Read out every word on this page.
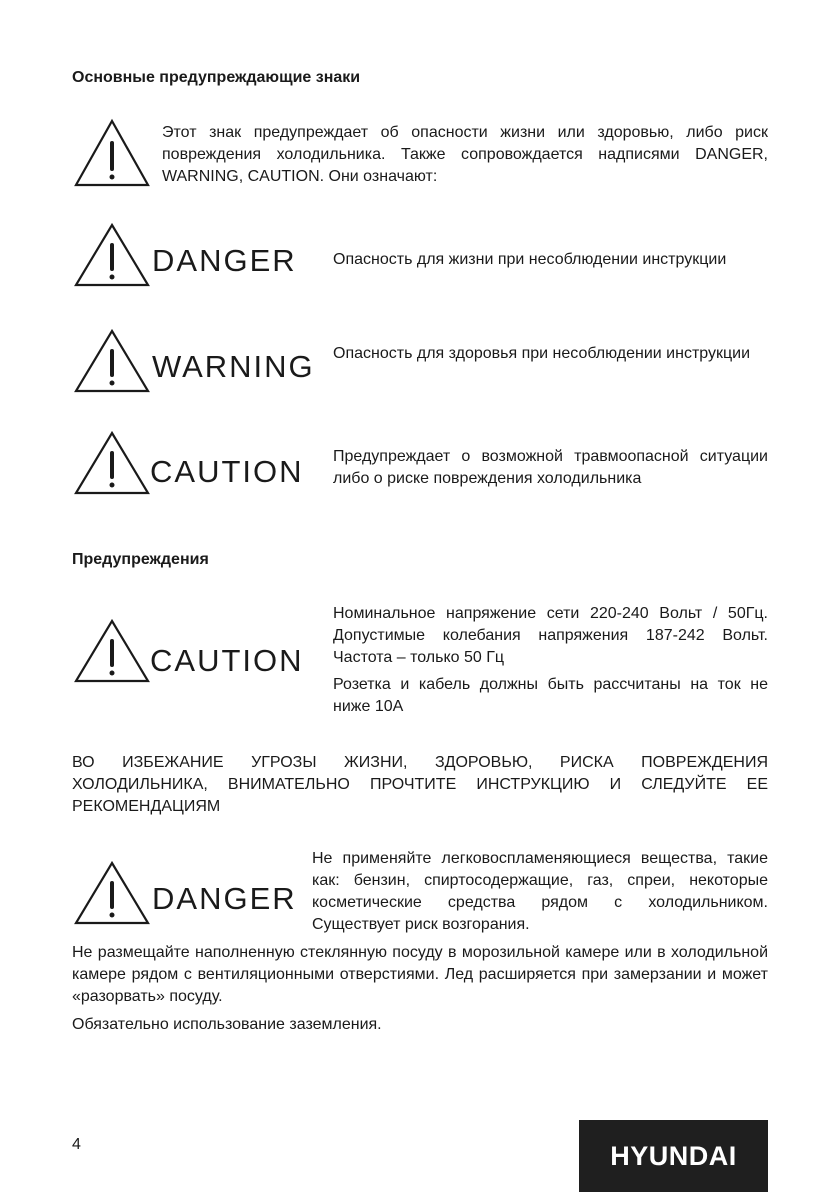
Основные предупреждающие знаки
Этот знак предупреждает об опасности жизни или здоровью, либо риск повреждения холодильника. Также сопровождается надписями DANGER, WARNING, CAUTION. Они означают:
DANGER Опасность для жизни при несоблюдении инструкции
WARNING Опасность для здоровья при несоблюдении инструкции
CAUTION Предупреждает о возможной травмоопасной ситуации либо о риске повреждения холодильника
Предупреждения
CAUTION
Номинальное напряжение сети 220-240 Вольт / 50Гц. Допустимые колебания напряжения 187-242 Вольт. Частота – только 50 Гц
Розетка и кабель должны быть рассчитаны на ток не ниже 10А
ВО ИЗБЕЖАНИЕ УГРОЗЫ ЖИЗНИ, ЗДОРОВЬЮ, РИСКА ПОВРЕЖДЕНИЯ ХОЛОДИЛЬНИКА, ВНИМАТЕЛЬНО ПРОЧТИТЕ ИНСТРУКЦИЮ И СЛЕДУЙТЕ ЕЕ РЕКОМЕНДАЦИЯМ
DANGER
Не применяйте легковоспламеняющиеся вещества, такие как: бензин, спиртосодержащие, газ, спреи, некоторые косметические средства рядом с холодильником. Существует риск возгорания.
Не размещайте наполненную стеклянную посуду в морозильной камере или в холодильной камере рядом с вентиляционными отверстиями. Лед расширяется при замерзании и может «разорвать» посуду.
Обязательно использование заземления.
4	HYUNDAI
